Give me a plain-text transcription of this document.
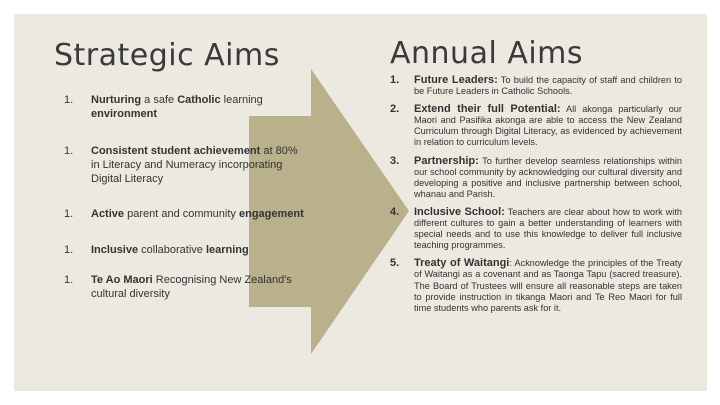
Strategic Aims
1. Nurturing a safe Catholic learning environment
1. Consistent student achievement at 80% in Literacy and Numeracy incorporating Digital Literacy
1. Active parent and community engagement
1. Inclusive collaborative learning
1. Te Ao Maori Recognising New Zealand's cultural diversity
Annual Aims
1. Future Leaders: To build the capacity of staff and children to be Future Leaders in Catholic Schools.
2. Extend their full Potential: All akonga particularly our Maori and Pasifika akonga are able to access the New Zealand Curriculum through Digital Literacy, as evidenced by achievement in relation to curriculum levels.
3. Partnership: To further develop seamless relationships within our school community by acknowledging our cultural diversity and developing a positive and inclusive partnership between school, whanau and Parish.
4. Inclusive School: Teachers are clear about how to work with different cultures to gain a better understanding of learners with special needs and to use this knowledge to deliver full inclusive teaching programmes.
5. Treaty of Waitangi: Acknowledge the principles of the Treaty of Waitangi as a covenant and as Taonga Tapu (sacred treasure). The Board of Trustees will ensure all reasonable steps are taken to provide instruction in tikanga Maori and Te Reo Maori for full time students who parents ask for it.
